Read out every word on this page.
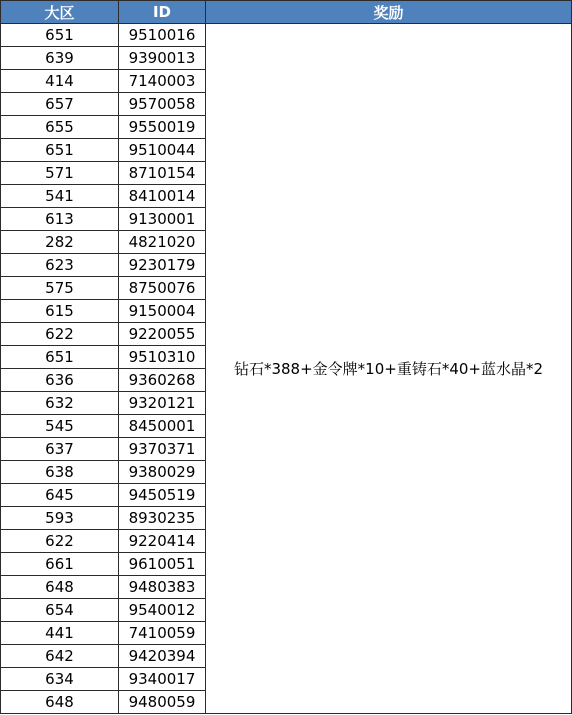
大区	ID	奖励
651	9510016	钻石*388+金令牌*10+重铸石*40+蓝水晶*2
639	9390013	
414	7140003	
657	9570058	
655	9550019	
651	9510044	
571	8710154	
541	8410014	
613	9130001	
282	4821020	
623	9230179	
575	8750076	
615	9150004	
622	9220055	
651	9510310	
636	9360268	
632	9320121	
545	8450001	
637	9370371	
638	9380029	
645	9450519	
593	8930235	
622	9220414	
661	9610051	
648	9480383	
654	9540012	
441	7410059	
642	9420394	
634	9340017	
648	9480059	
